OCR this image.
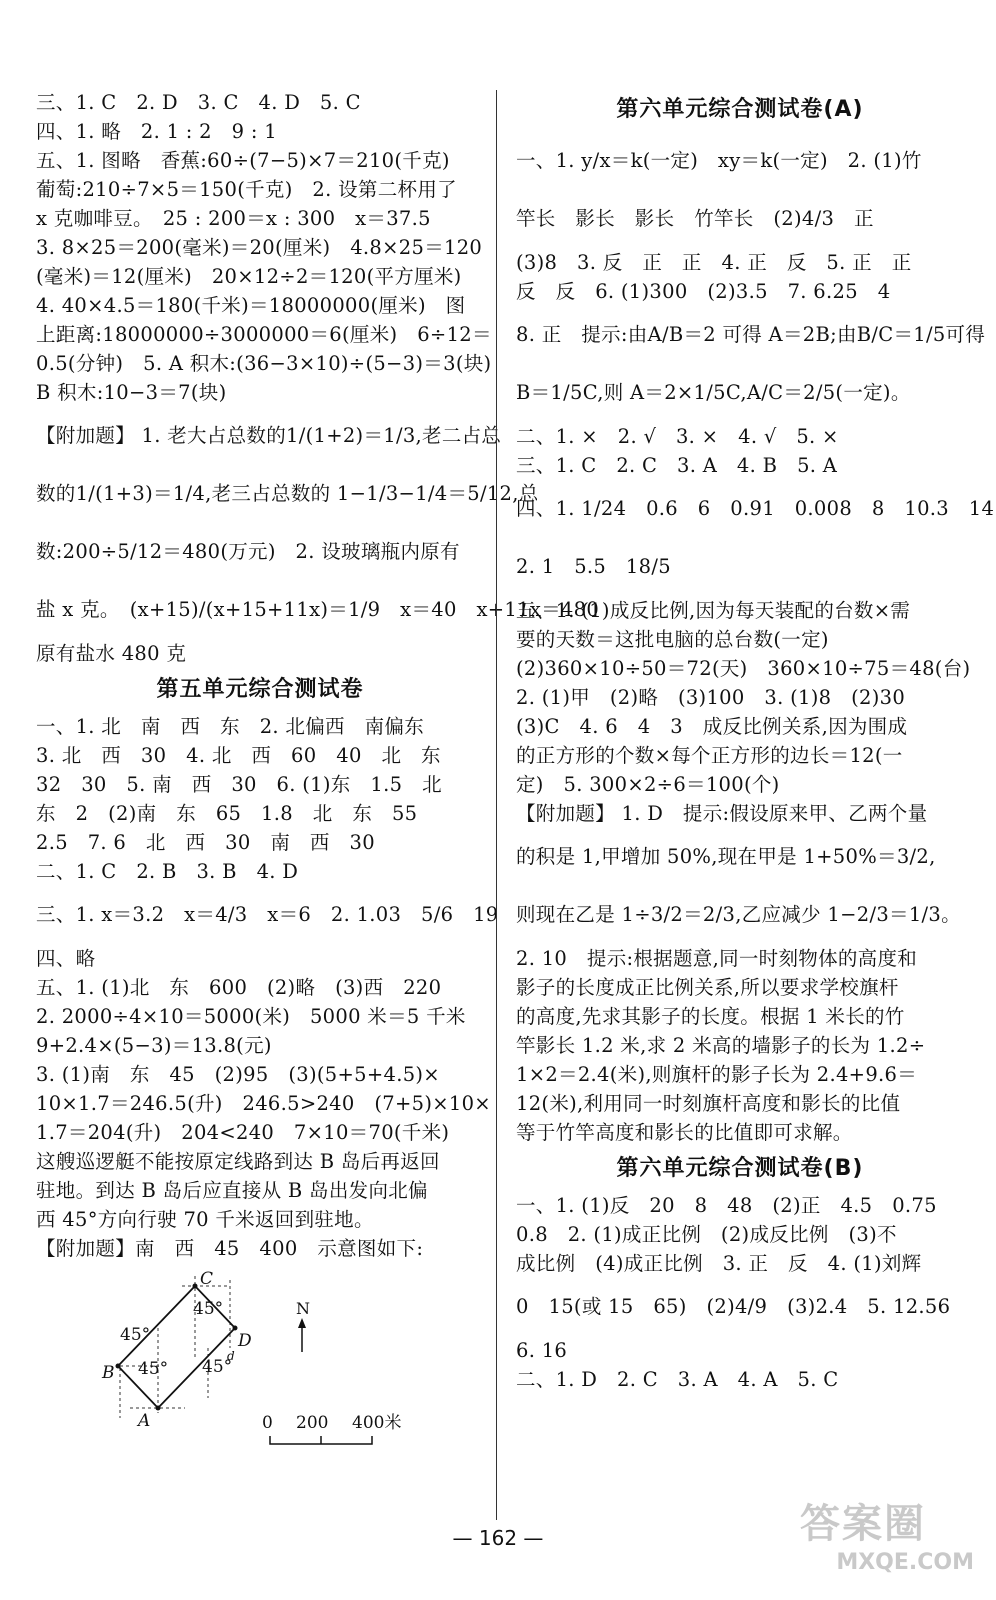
三、1. C　2. D　3. C　4. D　5. C
四、1. 略　2. 1 : 2　9 : 1
五、1. 图略　香蕉:60÷(7−5)×7＝210(千克)
葡萄:210÷7×5＝150(千克)　2. 设第二杯用了
x 克咖啡豆。　25 : 200＝x : 300　x＝37.5
3. 8×25＝200(毫米)＝20(厘米)　4.8×25＝120
(毫米)＝12(厘米)　20×12÷2＝120(平方厘米)
4. 40×4.5＝180(千米)＝18000000(厘米)　图
上距离:18000000÷3000000＝6(厘米)　6÷12＝
0.5(分钟)　5. A 积木:(36−3×10)÷(5−3)＝3(块)
B 积木:10−3＝7(块)
【附加题】 1. 老大占总数的1/(1+2)＝1/3,老二占总
数的1/(1+3)＝1/4,老三占总数的 1−1/3−1/4＝5/12,总
数:200÷5/12＝480(万元)　2. 设玻璃瓶内原有
盐 x 克。　(x+15)/(x+15+11x)＝1/9　x＝40　x+11x＝480
原有盐水 480 克
第五单元综合测试卷
一、1. 北　南　西　东　2. 北偏西　南偏东
3. 北　西　30　4. 北　西　60　40　北　东
32　30　5. 南　西　30　6. (1)东　1.5　北
东　2　(2)南　东　65　1.8　北　东　55
2.5　7. 6　北　西　30　南　西　30
二、1. C　2. B　3. B　4. D
三、1. x＝3.2　x＝4/3　x＝6　2. 1.03　5/6　19
四、略
五、1. (1)北　东　600　(2)略　(3)西　220
2. 2000÷4×10＝5000(米)　5000 米＝5 千米
9+2.4×(5−3)＝13.8(元)
3. (1)南　东　45　(2)95　(3)(5+5+4.5)×
10×1.7＝246.5(升)　246.5>240　(7+5)×10×
1.7＝204(升)　204<240　7×10＝70(千米)
这艘巡逻艇不能按原定线路到达 B 岛后再返回
驻地。到达 B 岛后应直接从 B 岛出发向北偏
西 45°方向行驶 70 千米返回到驻地。
【附加题】南　西　45　400　示意图如下:
C
D
B
A
45°
45°
45° 45°
d
N
0 200 400米
第六单元综合测试卷(A)
一、1. y/x＝k(一定)　xy＝k(一定)　2. (1)竹
竿长　影长　影长　竹竿长　(2)4/3　正
(3)8　3. 反　正　正　4. 正　反　5. 正　正
反　反　6. (1)300　(2)3.5　7. 6.25　4
8. 正　提示:由A/B＝2 可得 A＝2B;由B/C＝1/5可得
B＝1/5C,则 A＝2×1/5C,A/C＝2/5(一定)。
二、1. ×　2. √　3. ×　4. √　5. ×
三、1. C　2. C　3. A　4. B　5. A
四、1. 1/24　0.6　6　0.91　0.008　8　10.3　14
2. 1　5.5　18/5
五、1. (1)成反比例,因为每天装配的台数×需
要的天数＝这批电脑的总台数(一定)
(2)360×10÷50＝72(天)　360×10÷75＝48(台)
2. (1)甲　(2)略　(3)100　3. (1)8　(2)30
(3)C　4. 6　4　3　成反比例关系,因为围成
的正方形的个数×每个正方形的边长＝12(一
定)　5. 300×2÷6＝100(个)
【附加题】 1. D　提示:假设原来甲、乙两个量
的积是 1,甲增加 50%,现在甲是 1+50%＝3/2,
则现在乙是 1÷3/2＝2/3,乙应减少 1−2/3＝1/3。
2. 10　提示:根据题意,同一时刻物体的高度和
影子的长度成正比例关系,所以要求学校旗杆
的高度,先求其影子的长度。根据 1 米长的竹
竿影长 1.2 米,求 2 米高的墙影子的长为 1.2÷
1×2＝2.4(米),则旗杆的影子长为 2.4+9.6＝
12(米),利用同一时刻旗杆高度和影长的比值
等于竹竿高度和影长的比值即可求解。
第六单元综合测试卷(B)
一、1. (1)反　20　8　48　(2)正　4.5　0.75
0.8　2. (1)成正比例　(2)成反比例　(3)不
成比例　(4)成正比例　3. 正　反　4. (1)刘辉
0　15(或 15　65)　(2)4/9　(3)2.4　5. 12.56
6. 16
二、1. D　2. C　3. A　4. A　5. C
— 162 —	答案圈
MXQE.COM
